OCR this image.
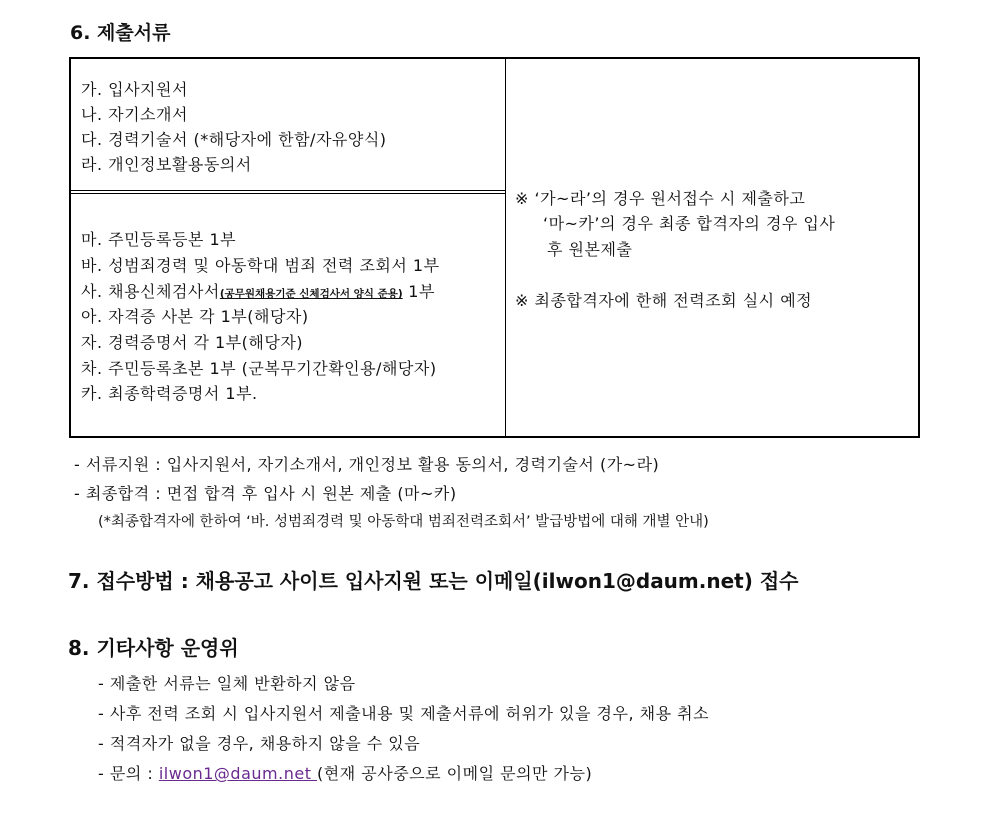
6. 제출서류
가. 입사지원서
나. 자기소개서
다. 경력기술서 (*해당자에 한함/자유양식)
라. 개인정보활용동의서
마. 주민등록등본 1부
바. 성범죄경력 및 아동학대 범죄 전력 조회서 1부
사. 채용신체검사서(공무원채용기준 신체검사서 양식 준용) 1부
아. 자격증 사본 각 1부(해당자)
자. 경력증명서 각 1부(해당자)
차. 주민등록초본 1부 (군복무기간확인용/해당자)
카. 최종학력증명서 1부.
※ ‘가~라’의 경우 원서접수 시 제출하고
‘마~카’의 경우 최종 합격자의 경우 입사
후 원본제출
※ 최종합격자에 한해 전력조회 실시 예정
- 서류지원 : 입사지원서, 자기소개서, 개인정보 활용 동의서, 경력기술서 (가~라)
- 최종합격 : 면접 합격 후 입사 시 원본 제출 (마~카)
(*최종합격자에 한하여 ‘바. 성범죄경력 및 아동학대 범죄전력조회서’ 발급방법에 대해 개별 안내)
7. 접수방법 : 채용공고 사이트 입사지원 또는 이메일(ilwon1@daum.net) 접수
8. 기타사항 운영위
- 제출한 서류는 일체 반환하지 않음
- 사후 전력 조회 시 입사지원서 제출내용 및 제출서류에 허위가 있을 경우, 채용 취소
- 적격자가 없을 경우, 채용하지 않을 수 있음
- 문의 : ilwon1@daum.net (현재 공사중으로 이메일 문의만 가능)
